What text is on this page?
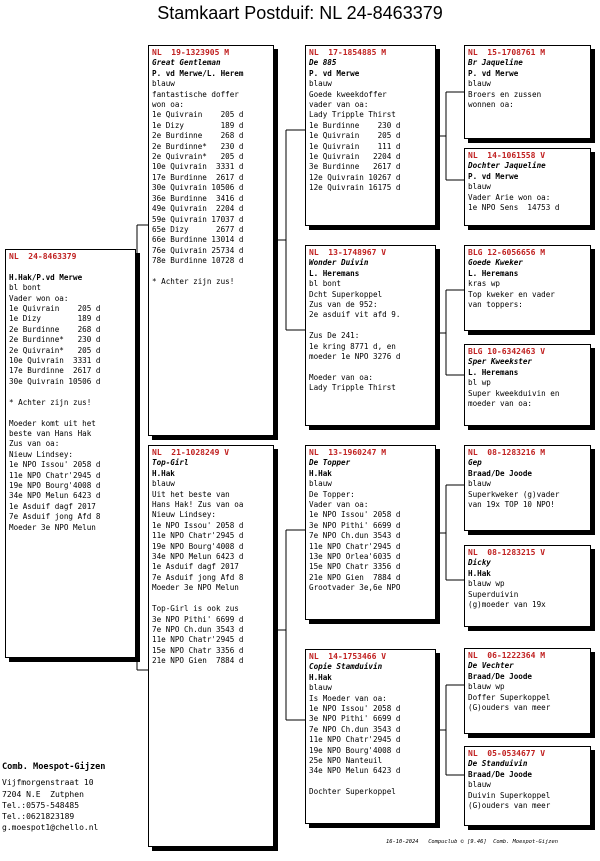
Stamkaart Postduif: NL 24-8463379
NL  24-8463379

H.Hak/P.vd Merwe
bl bont
Vader won oa:
1e Quivrain    205 d
1e Dizy        189 d
2e Burdinne    268 d
2e Burdinne*   230 d
2e Quivrain*   205 d
10e Quivrain  3331 d
17e Burdinne  2617 d
30e Quivrain 10506 d

* Achter zijn zus!

Moeder komt uit het
beste van Hans Hak
Zus van oa:
Nieuw Lindsey:
1e NPO Issou' 2058 d
11e NPO Chatr'2945 d
19e NPO Bourg'4008 d
34e NPO Melun 6423 d
1e Asduif dagf 2017
7e Asduif jong Afd 8
Moeder 3e NPO Melun
NL  19-1323905 M
Great Gentleman
P. vd Merwe/L. Herem
blauw
fantastische doffer
won oa:
1e Quivrain    205 d
1e Dizy        189 d
2e Burdinne    268 d
2e Burdinne*   230 d
2e Quivrain*   205 d
10e Quivrain  3331 d
17e Burdinne  2617 d
30e Quivrain 10506 d
36e Burdinne  3416 d
49e Quivrain  2204 d
59e Quivrain 17037 d
65e Dizy      2677 d
66e Burdinne 13014 d
76e Quivrain 25734 d
78e Burdinne 10728 d

* Achter zijn zus!
NL  21-1028249 V
Top-Girl
H.Hak
blauw
Uit het beste van
Hans Hak! Zus van oa
Nieuw Lindsey:
1e NPO Issou' 2058 d
11e NPO Chatr'2945 d
19e NPO Bourg'4008 d
34e NPO Melun 6423 d
1e Asduif dagf 2017
7e Asduif jong Afd 8
Moeder 3e NPO Melun

Top-Girl is ook zus
3e NPO Pithi' 6699 d
7e NPO Ch.dun 3543 d
11e NPO Chatr'2945 d
15e NPO Chatr 3356 d
21e NPO Gien  7884 d
NL  17-1854885 M
De 885
P. vd Merwe
blauw
Goede kweekdoffer
vader van oa:
Lady Tripple Thirst
1e Burdinne    230 d
1e Quivrain    205 d
1e Quivrain    111 d
1e Quivrain   2204 d
3e Burdinne   2617 d
12e Quivrain 10267 d
12e Quivrain 16175 d
NL  13-1748967 V
Wonder Duivin
L. Heremans
bl bont
Dcht Superkoppel
Zus van de 952:
2e asduif vit afd 9.

Zus De 241:
1e kring 8771 d, en
moeder 1e NPO 3276 d

Moeder van oa:
Lady Tripple Thirst
NL  13-1960247 M
De Topper
H.Hak
blauw
De Topper:
Vader van oa:
1e NPO Issou' 2058 d
3e NPO Pithi' 6699 d
7e NPO Ch.dun 3543 d
11e NPO Chatr'2945 d
13e NPO Orlea'6035 d
15e NPO Chatr 3356 d
21e NPO Gien  7884 d
Grootvader 3e,6e NPO
NL  14-1753466 V
Copie Stamduivin
H.Hak
blauw
Is Moeder van oa:
1e NPO Issou' 2058 d
3e NPO Pithi' 6699 d
7e NPO Ch.dun 3543 d
11e NPO Chatr'2945 d
19e NPO Bourg'4008 d
25e NPO Nanteuil
34e NPO Melun 6423 d

Dochter Superkoppel
NL  15-1708761 M
Br Jaqueline
P. vd Merwe
blauw
Broers en zussen
wonnen oa:
NL  14-1061558 V
Dochter Jaqueline
P. vd Merwe
blauw
Vader Arie won oa:
1e NPO Sens  14753 d
BLG 12-6056656 M
Goede Kweker
L. Heremans
kras wp
Top kweker en vader
van toppers:
BLG 10-6342463 V
Sper Kweekster
L. Heremans
bl wp
Super kweekduivin en
moeder van oa:
NL  08-1283216 M
Gep
Braad/De Joode
blauw
Superkweker (g)vader
van 19x TOP 10 NPO!
NL  08-1283215 V
Dicky
H.Hak
blauw wp
Superduivin
(g)moeder van 19x
NL  06-1222364 M
De Vechter
Braad/De Joode
blauw wp
Doffer Superkoppel
(G)ouders van meer
NL  05-0534677 V
De Standuivin
Braad/De Joode
blauw
Duivin Superkoppel
(G)ouders van meer
Comb. Moespot-Gijzen
Vijfmorgenstraat 10
7204 N.E  Zutphen
Tel.:0575-548485
Tel.:0621823189
g.moespot1@chello.nl
16-10-2024   Compuclub © [9.46]  Comb. Moespot-Gijzen
